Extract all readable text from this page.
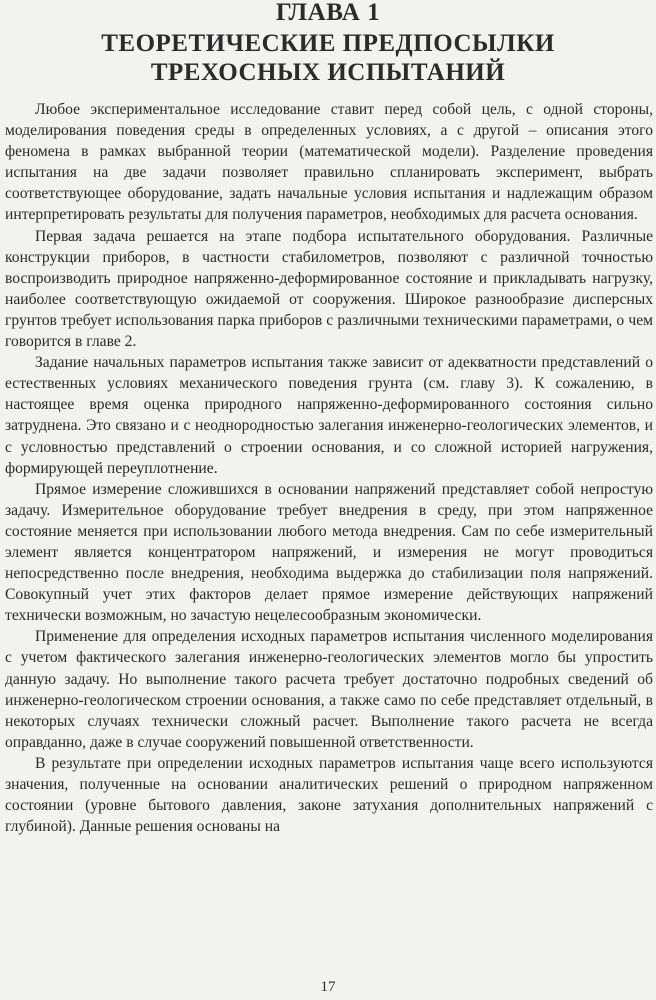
ГЛАВА 1
ТЕОРЕТИЧЕСКИЕ ПРЕДПОСЫЛКИ
ТРЕХОСНЫХ ИСПЫТАНИЙ

Любое экспериментальное исследование ставит перед собой цель, с одной стороны, моделирования поведения среды в определенных условиях, а с другой – описания этого феномена в рамках выбранной теории (математической модели). Разделение проведения испытания на две задачи позволяет правильно спланировать эксперимент, выбрать соответствующее оборудование, задать начальные условия испытания и надлежащим образом интерпретировать результаты для получения параметров, необходимых для расчета основания.

Первая задача решается на этапе подбора испытательного оборудования. Различные конструкции приборов, в частности стабилометров, позволяют с различной точностью воспроизводить природное напряженно-деформированное состояние и прикладывать нагрузку, наиболее соответствующую ожидаемой от сооружения. Широкое разнообразие дисперсных грунтов требует использования парка приборов с различными техническими параметрами, о чем говорится в главе 2.

Задание начальных параметров испытания также зависит от адекватности представлений о естественных условиях механического поведения грунта (см. главу 3). К сожалению, в настоящее время оценка природного напряженно-деформированного состояния сильно затруднена. Это связано и с неоднородностью залегания инженерно-геологических элементов, и с условностью представлений о строении основания, и со сложной историей нагружения, формирующей переуплотнение.

Прямое измерение сложившихся в основании напряжений представляет собой непростую задачу. Измерительное оборудование требует внедрения в среду, при этом напряженное состояние меняется при использовании любого метода внедрения. Сам по себе измерительный элемент является концентратором напряжений, и измерения не могут проводиться непосредственно после внедрения, необходима выдержка до стабилизации поля напряжений. Совокупный учет этих факторов делает прямое измерение действующих напряжений технически возможным, но зачастую нецелесообразным экономически.

Применение для определения исходных параметров испытания численного моделирования с учетом фактического залегания инженерно-геологических элементов могло бы упростить данную задачу. Но выполнение такого расчета требует достаточно подробных сведений об инженерно-геологическом строении основания, а также само по себе представляет отдельный, в некоторых случаях технически сложный расчет. Выполнение такого расчета не всегда оправданно, даже в случае сооружений повышенной ответственности.

В результате при определении исходных параметров испытания чаще всего используются значения, полученные на основании аналитических решений о природном напряженном состоянии (уровне бытового давления, законе затухания дополнительных напряжений с глубиной). Данные решения основаны на

17
